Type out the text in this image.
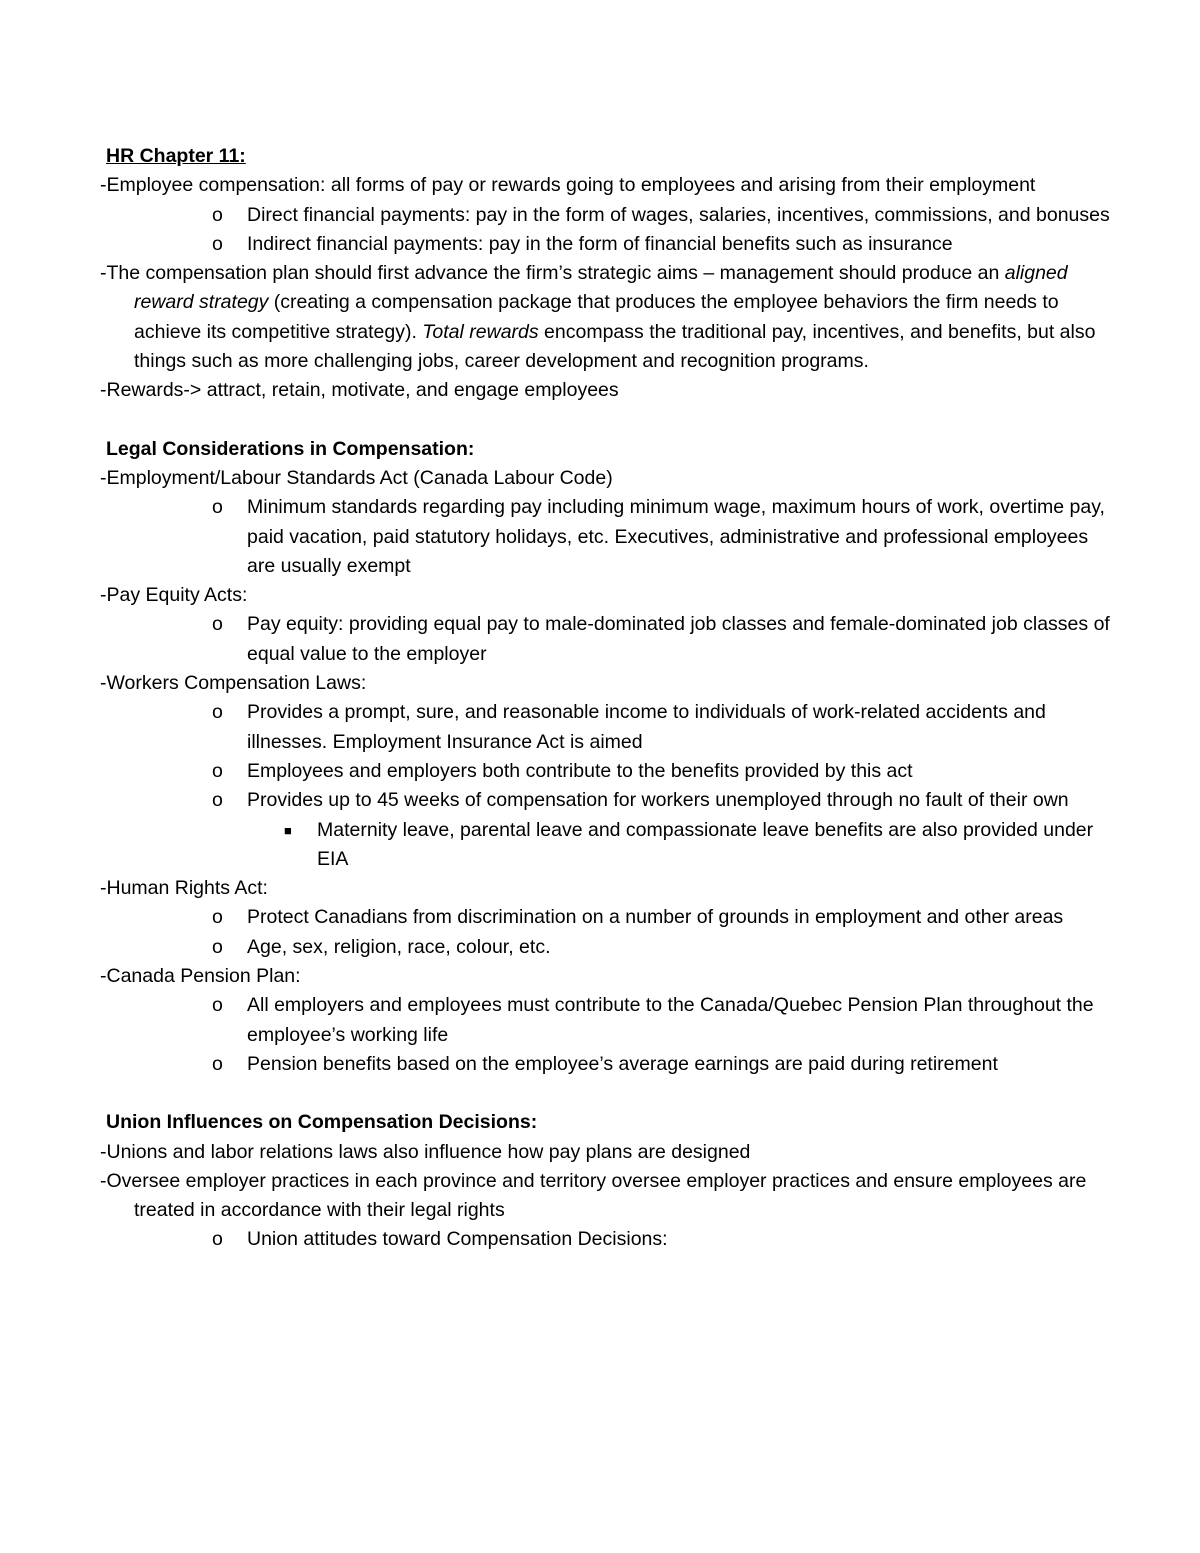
HR Chapter 11:
-Employee compensation: all forms of pay or rewards going to employees and arising from their employment
o Direct financial payments: pay in the form of wages, salaries, incentives, commissions, and bonuses
o Indirect financial payments: pay in the form of financial benefits such as insurance
-The compensation plan should first advance the firm’s strategic aims – management should produce an aligned reward strategy (creating a compensation package that produces the employee behaviors the firm needs to achieve its competitive strategy). Total rewards encompass the traditional pay, incentives, and benefits, but also things such as more challenging jobs, career development and recognition programs.
-Rewards-> attract, retain, motivate, and engage employees
Legal Considerations in Compensation:
-Employment/Labour Standards Act (Canada Labour Code)
o Minimum standards regarding pay including minimum wage, maximum hours of work, overtime pay, paid vacation, paid statutory holidays, etc. Executives, administrative and professional employees are usually exempt
-Pay Equity Acts:
o Pay equity: providing equal pay to male-dominated job classes and female-dominated job classes of equal value to the employer
-Workers Compensation Laws:
o Provides a prompt, sure, and reasonable income to individuals of work-related accidents and illnesses. Employment Insurance Act is aimed
o Employees and employers both contribute to the benefits provided by this act
o Provides up to 45 weeks of compensation for workers unemployed through no fault of their own
■ Maternity leave, parental leave and compassionate leave benefits are also provided under EIA
-Human Rights Act:
o Protect Canadians from discrimination on a number of grounds in employment and other areas
o Age, sex, religion, race, colour, etc.
-Canada Pension Plan:
o All employers and employees must contribute to the Canada/Quebec Pension Plan throughout the employee’s working life
o Pension benefits based on the employee’s average earnings are paid during retirement
Union Influences on Compensation Decisions:
-Unions and labor relations laws also influence how pay plans are designed
-Oversee employer practices in each province and territory oversee employer practices and ensure employees are treated in accordance with their legal rights
o Union attitudes toward Compensation Decisions:
